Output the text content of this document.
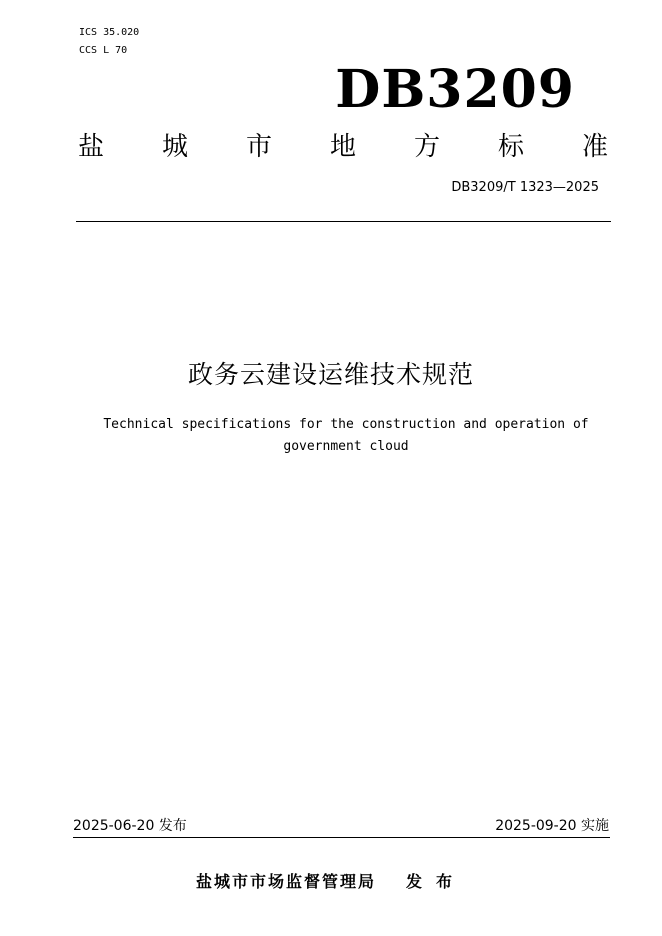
ICS 35.020
CCS L 70
DB3209
盐 城 市 地 方 标 准
DB3209/T 1323—2025
政务云建设运维技术规范
Technical specifications for the construction and operation of government cloud
2025-06-20 发布	2025-09-20 实施
盐城市市场监督管理局 发布
